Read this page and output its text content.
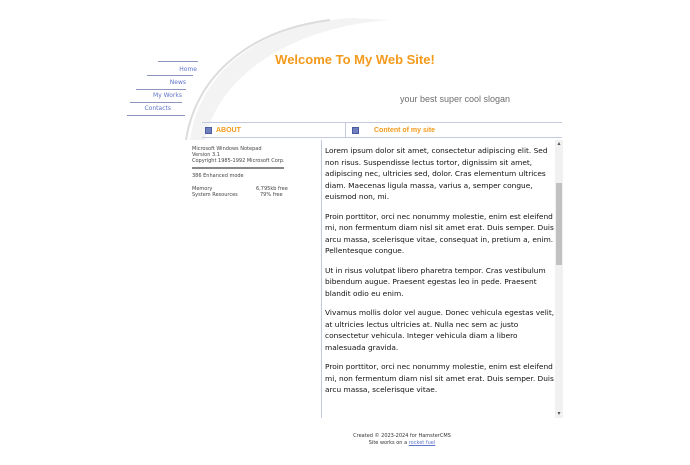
Welcome To My Web Site!
your best super cool slogan
Home
News
My Works
Contacts
ABOUT	Content of my site
Microsoft Windows Notepad
Version 3.1
Copyright 1985-1992 Microsoft Corp.
386 Enhanced mode
Memory	6,795kb free
System Resources	79% free

Lorem ipsum dolor sit amet, consectetur adipiscing elit. Sed non risus. Suspendisse lectus tortor, dignissim sit amet, adipiscing nec, ultricies sed, dolor. Cras elementum ultrices diam. Maecenas ligula massa, varius a, semper congue, euismod non, mi.

Proin porttitor, orci nec nonummy molestie, enim est eleifend mi, non fermentum diam nisl sit amet erat. Duis semper. Duis arcu massa, scelerisque vitae, consequat in, pretium a, enim. Pellentesque congue.

Ut in risus volutpat libero pharetra tempor. Cras vestibulum bibendum augue. Praesent egestas leo in pede. Praesent blandit odio eu enim.

Vivamus mollis dolor vel augue. Donec vehicula egestas velit, at ultricies lectus ultricies at. Nulla nec sem ac justo consectetur vehicula. Integer vehicula diam a libero malesuada gravida.

Proin porttitor, orci nec nonummy molestie, enim est eleifend mi, non fermentum diam nisl sit amet erat. Duis semper. Duis arcu massa, scelerisque vitae.

▴
▾
Created © 2023-2024 for HamsterCMS
Site works on a rocket fuel
